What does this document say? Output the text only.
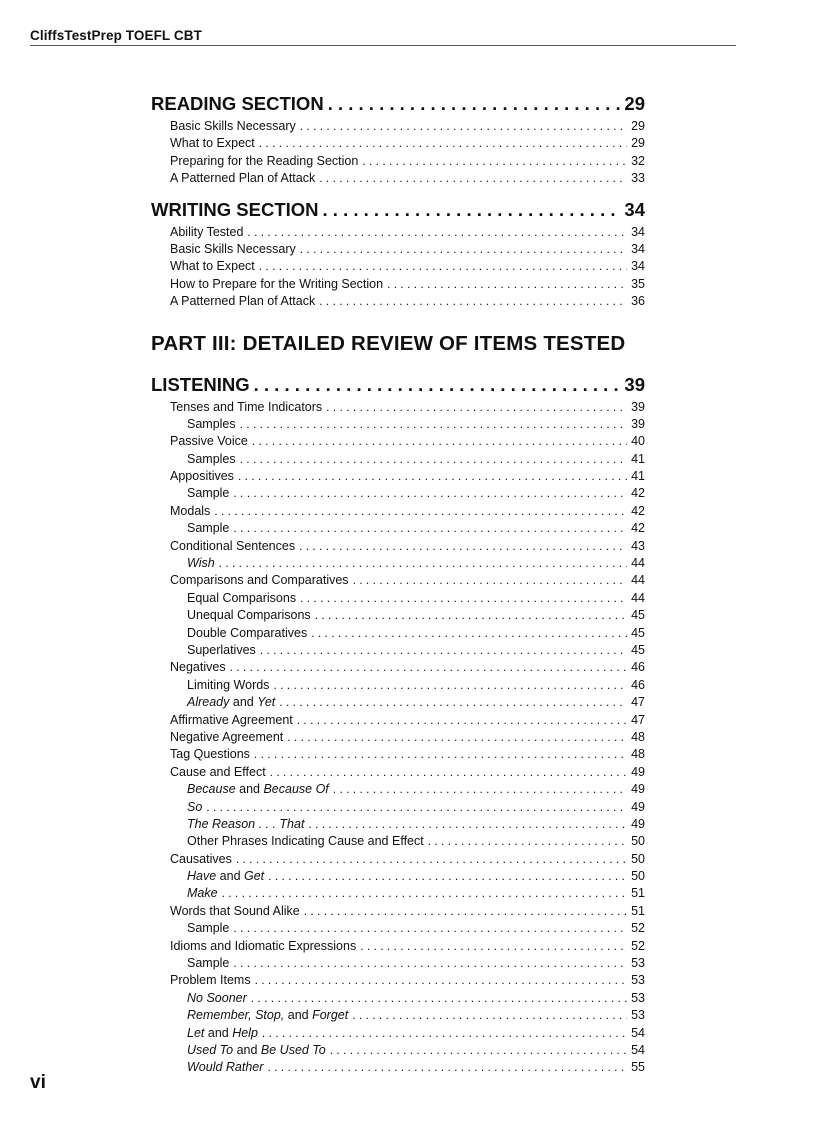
CliffsTestPrep TOEFL CBT
READING SECTION . . .	29
Basic Skills Necessary . . .	29
What to Expect . . .	29
Preparing for the Reading Section . . .	32
A Patterned Plan of Attack . . .	33
WRITING SECTION . . .	34
Ability Tested . . .	34
Basic Skills Necessary . . .	34
What to Expect . . .	34
How to Prepare for the Writing Section . . .	35
A Patterned Plan of Attack . . .	36
PART III: DETAILED REVIEW OF ITEMS TESTED
LISTENING . . .	39
Tenses and Time Indicators . . .	39
Samples . . .	39
Passive Voice . . .	40
Samples . . .	41
Appositives . . .	41
Sample . . .	42
Modals . . .	42
Sample . . .	42
Conditional Sentences . . .	43
Wish . . .	44
Comparisons and Comparatives . . .	44
Equal Comparisons . . .	44
Unequal Comparisons . . .	45
Double Comparatives . . .	45
Superlatives . . .	45
Negatives . . .	46
Limiting Words . . .	46
Already and Yet . . .	47
Affirmative Agreement . . .	47
Negative Agreement . . .	48
Tag Questions . . .	48
Cause and Effect . . .	49
Because and Because Of . . .	49
So . . .	49
The Reason . . . That . . .	49
Other Phrases Indicating Cause and Effect . . .	50
Causatives . . .	50
Have and Get . . .	50
Make . . .	51
Words that Sound Alike . . .	51
Sample . . .	52
Idioms and Idiomatic Expressions . . .	52
Sample . . .	53
Problem Items . . .	53
No Sooner . . .	53
Remember, Stop, and Forget . . .	53
Let and Help . . .	54
Used To and Be Used To . . .	54
Would Rather . . .	55
vi
